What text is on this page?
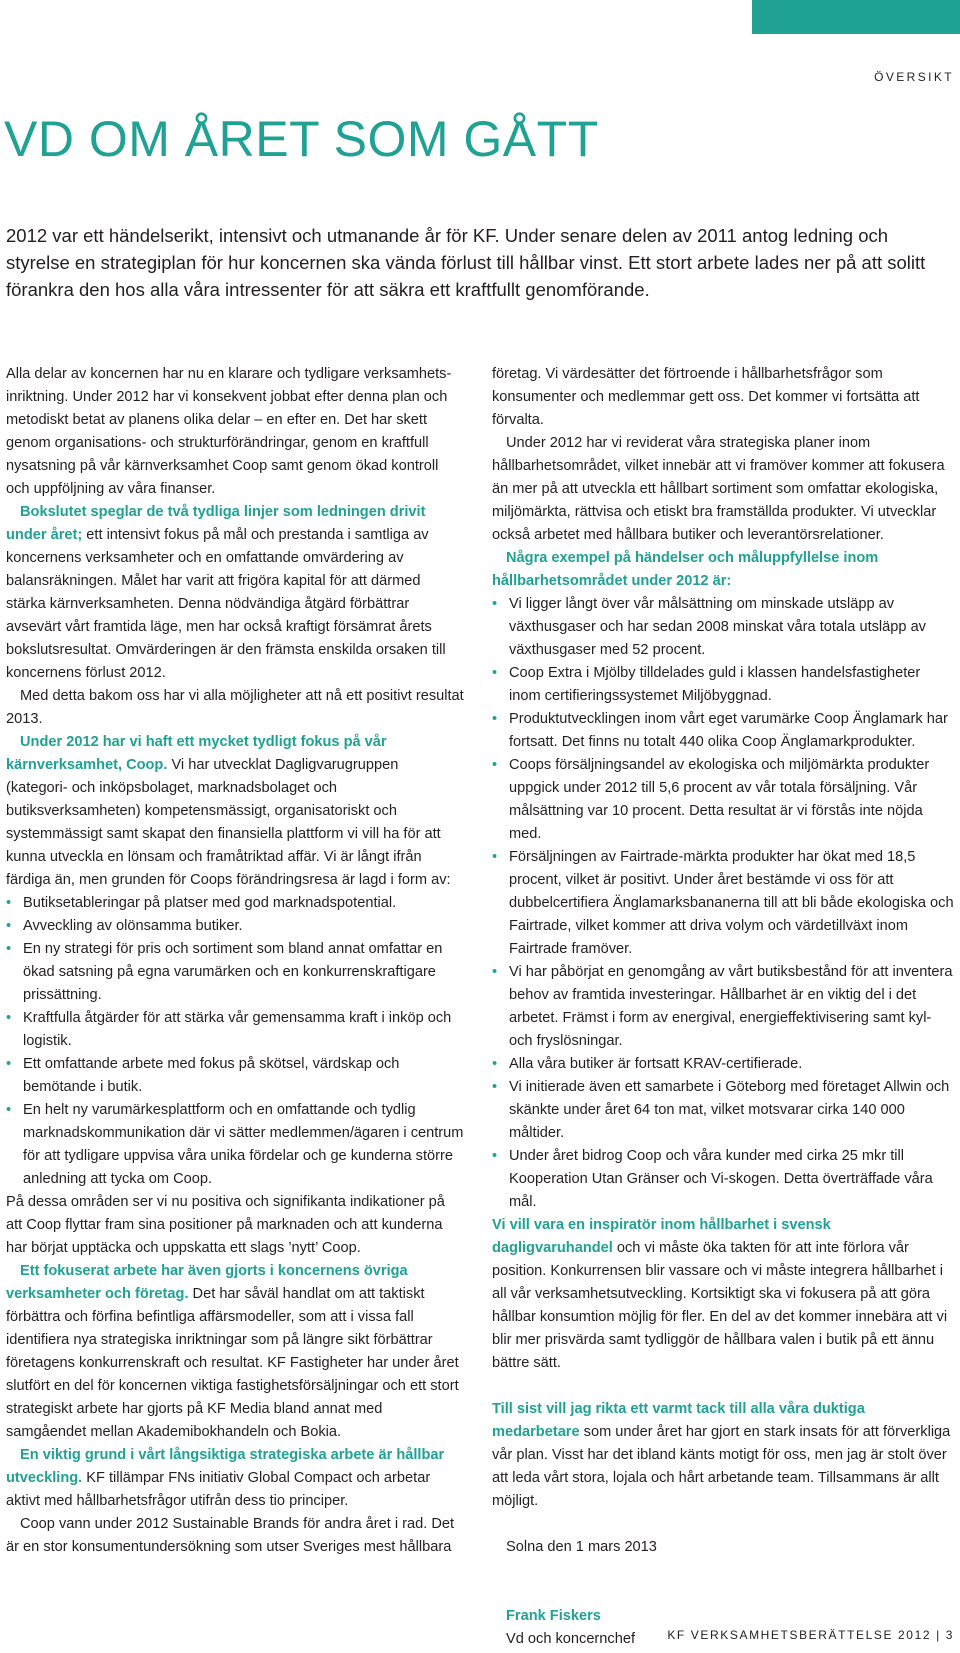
ÖVERSIKT
VD OM ÅRET SOM GÅTT

2012 var ett händelserikt, intensivt och utmanande år för KF. Under senare delen av 2011 antog ledning och styrelse en strategiplan för hur koncernen ska vända förlust till hållbar vinst. Ett stort arbete lades ner på att solitt förankra den hos alla våra intressenter för att säkra ett kraftfullt genomförande.

Alla delar av koncernen har nu en klarare och tydligare verksamhetsinriktning. Under 2012 har vi konsekvent jobbat efter denna plan och metodiskt betat av planens olika delar – en efter en. Det har skett genom organisations- och strukturförändringar, genom en kraftfull nysatsning på vår kärnverksamhet Coop samt genom ökad kontroll och uppföljning av våra finanser.

Bokslutet speglar de två tydliga linjer som ledningen drivit under året; ett intensivt fokus på mål och prestanda i samtliga av koncernens verksamheter och en omfattande omvärdering av balansräkningen. Målet har varit att frigöra kapital för att därmed stärka kärnverksamheten. Denna nödvändiga åtgärd förbättrar avsevärt vårt framtida läge, men har också kraftigt försämrat årets bokslutsresultat. Omvärderingen är den främsta enskilda orsaken till koncernens förlust 2012.

Med detta bakom oss har vi alla möjligheter att nå ett positivt resultat 2013.

Under 2012 har vi haft ett mycket tydligt fokus på vår kärnverksamhet, Coop. Vi har utvecklat Dagligvarugruppen (kategori- och inköpsbolaget, marknadsbolaget och butiksverksamheten) kompetensmässigt, organisatoriskt och systemmässigt samt skapat den finansiella plattform vi vill ha för att kunna utveckla en lönsam och framåtriktad affär. Vi är långt ifrån färdiga än, men grunden för Coops förändringsresa är lagd i form av:

• Butiksetableringar på platser med god marknadspotential.
• Avveckling av olönsamma butiker.
• En ny strategi för pris och sortiment som bland annat omfattar en ökad satsning på egna varumärken och en konkurrenskraftigare prissättning.
• Kraftfulla åtgärder för att stärka vår gemensamma kraft i inköp och logistik.
• Ett omfattande arbete med fokus på skötsel, värdskap och bemötande i butik.
• En helt ny varumärkesplattform och en omfattande och tydlig marknadskommunikation där vi sätter medlemmen/ägaren i centrum för att tydligare uppvisa våra unika fördelar och ge kunderna större anledning att tycka om Coop.

På dessa områden ser vi nu positiva och signifikanta indikationer på att Coop flyttar fram sina positioner på marknaden och att kunderna har börjat upptäcka och uppskatta ett slags ’nytt’ Coop.

Ett fokuserat arbete har även gjorts i koncernens övriga verksamheter och företag. Det har såväl handlat om att taktiskt förbättra och förfina befintliga affärsmodeller, som att i vissa fall identifiera nya strategiska inriktningar som på längre sikt förbättrar företagens konkurrenskraft och resultat. KF Fastigheter har under året slutfört en del för koncernen viktiga fastighetsförsäljningar och ett stort strategiskt arbete har gjorts på KF Media bland annat med samgåendet mellan Akademibokhandeln och Bokia.

En viktig grund i vårt långsiktiga strategiska arbete är hållbar utveckling. KF tillämpar FNs initiativ Global Compact och arbetar aktivt med hållbarhetsfrågor utifrån dess tio principer.

Coop vann under 2012 Sustainable Brands för andra året i rad. Det är en stor konsumentundersökning som utser Sveriges mest hållbara

företag. Vi värdesätter det förtroende i hållbarhetsfrågor som konsumenter och medlemmar gett oss. Det kommer vi fortsätta att förvalta.

Under 2012 har vi reviderat våra strategiska planer inom hållbarhetsområdet, vilket innebär att vi framöver kommer att fokusera än mer på att utveckla ett hållbart sortiment som omfattar ekologiska, miljömärkta, rättvisa och etiskt bra framställda produkter. Vi utvecklar också arbetet med hållbara butiker och leverantörsrelationer.

Några exempel på händelser och måluppfyllelse inom hållbarhetsområdet under 2012 är:

• Vi ligger långt över vår målsättning om minskade utsläpp av växthusgaser och har sedan 2008 minskat våra totala utsläpp av växthusgaser med 52 procent.
• Coop Extra i Mjölby tilldelades guld i klassen handelsfastigheter inom certifieringssystemet Miljöbyggnad.
• Produktutvecklingen inom vårt eget varumärke Coop Änglamark har fortsatt. Det finns nu totalt 440 olika Coop Änglamarkprodukter.
• Coops försäljningsandel av ekologiska och miljömärkta produkter uppgick under 2012 till 5,6 procent av vår totala försäljning. Vår målsättning var 10 procent. Detta resultat är vi förstås inte nöjda med.
• Försäljningen av Fairtrade-märkta produkter har ökat med 18,5 procent, vilket är positivt. Under året bestämde vi oss för att dubbelcertifiera Änglamarksbananerna till att bli både ekologiska och Fairtrade, vilket kommer att driva volym och värdetillväxt inom Fairtrade framöver.
• Vi har påbörjat en genomgång av vårt butiksbestånd för att inventera behov av framtida investeringar. Hållbarhet är en viktig del i det arbetet. Främst i form av energival, energieffektivisering samt kyl- och fryslösningar.
• Alla våra butiker är fortsatt KRAV-certifierade.
• Vi initierade även ett samarbete i Göteborg med företaget Allwin och skänkte under året 64 ton mat, vilket motsvarar cirka 140 000 måltider.
• Under året bidrog Coop och våra kunder med cirka 25 mkr till Kooperation Utan Gränser och Vi-skogen. Detta överträffade våra mål.

Vi vill vara en inspiratör inom hållbarhet i svensk dagligvaruhandel och vi måste öka takten för att inte förlora vår position. Konkurrensen blir vassare och vi måste integrera hållbarhet i all vår verksamhetsutveckling. Kortsiktigt ska vi fokusera på att göra hållbar konsumtion möjlig för fler. En del av det kommer innebära att vi blir mer prisvärda samt tydliggör de hållbara valen i butik på ett ännu bättre sätt.

Till sist vill jag rikta ett varmt tack till alla våra duktiga medarbetare som under året har gjort en stark insats för att förverkliga vår plan. Visst har det ibland känts motigt för oss, men jag är stolt över att leda vårt stora, lojala och hårt arbetande team. Tillsammans är allt möjligt.

Solna den 1 mars 2013

Frank Fiskers

Vd och koncernchef	KF VERKSAMHETSBERÄTTELSE 2012 | 3
